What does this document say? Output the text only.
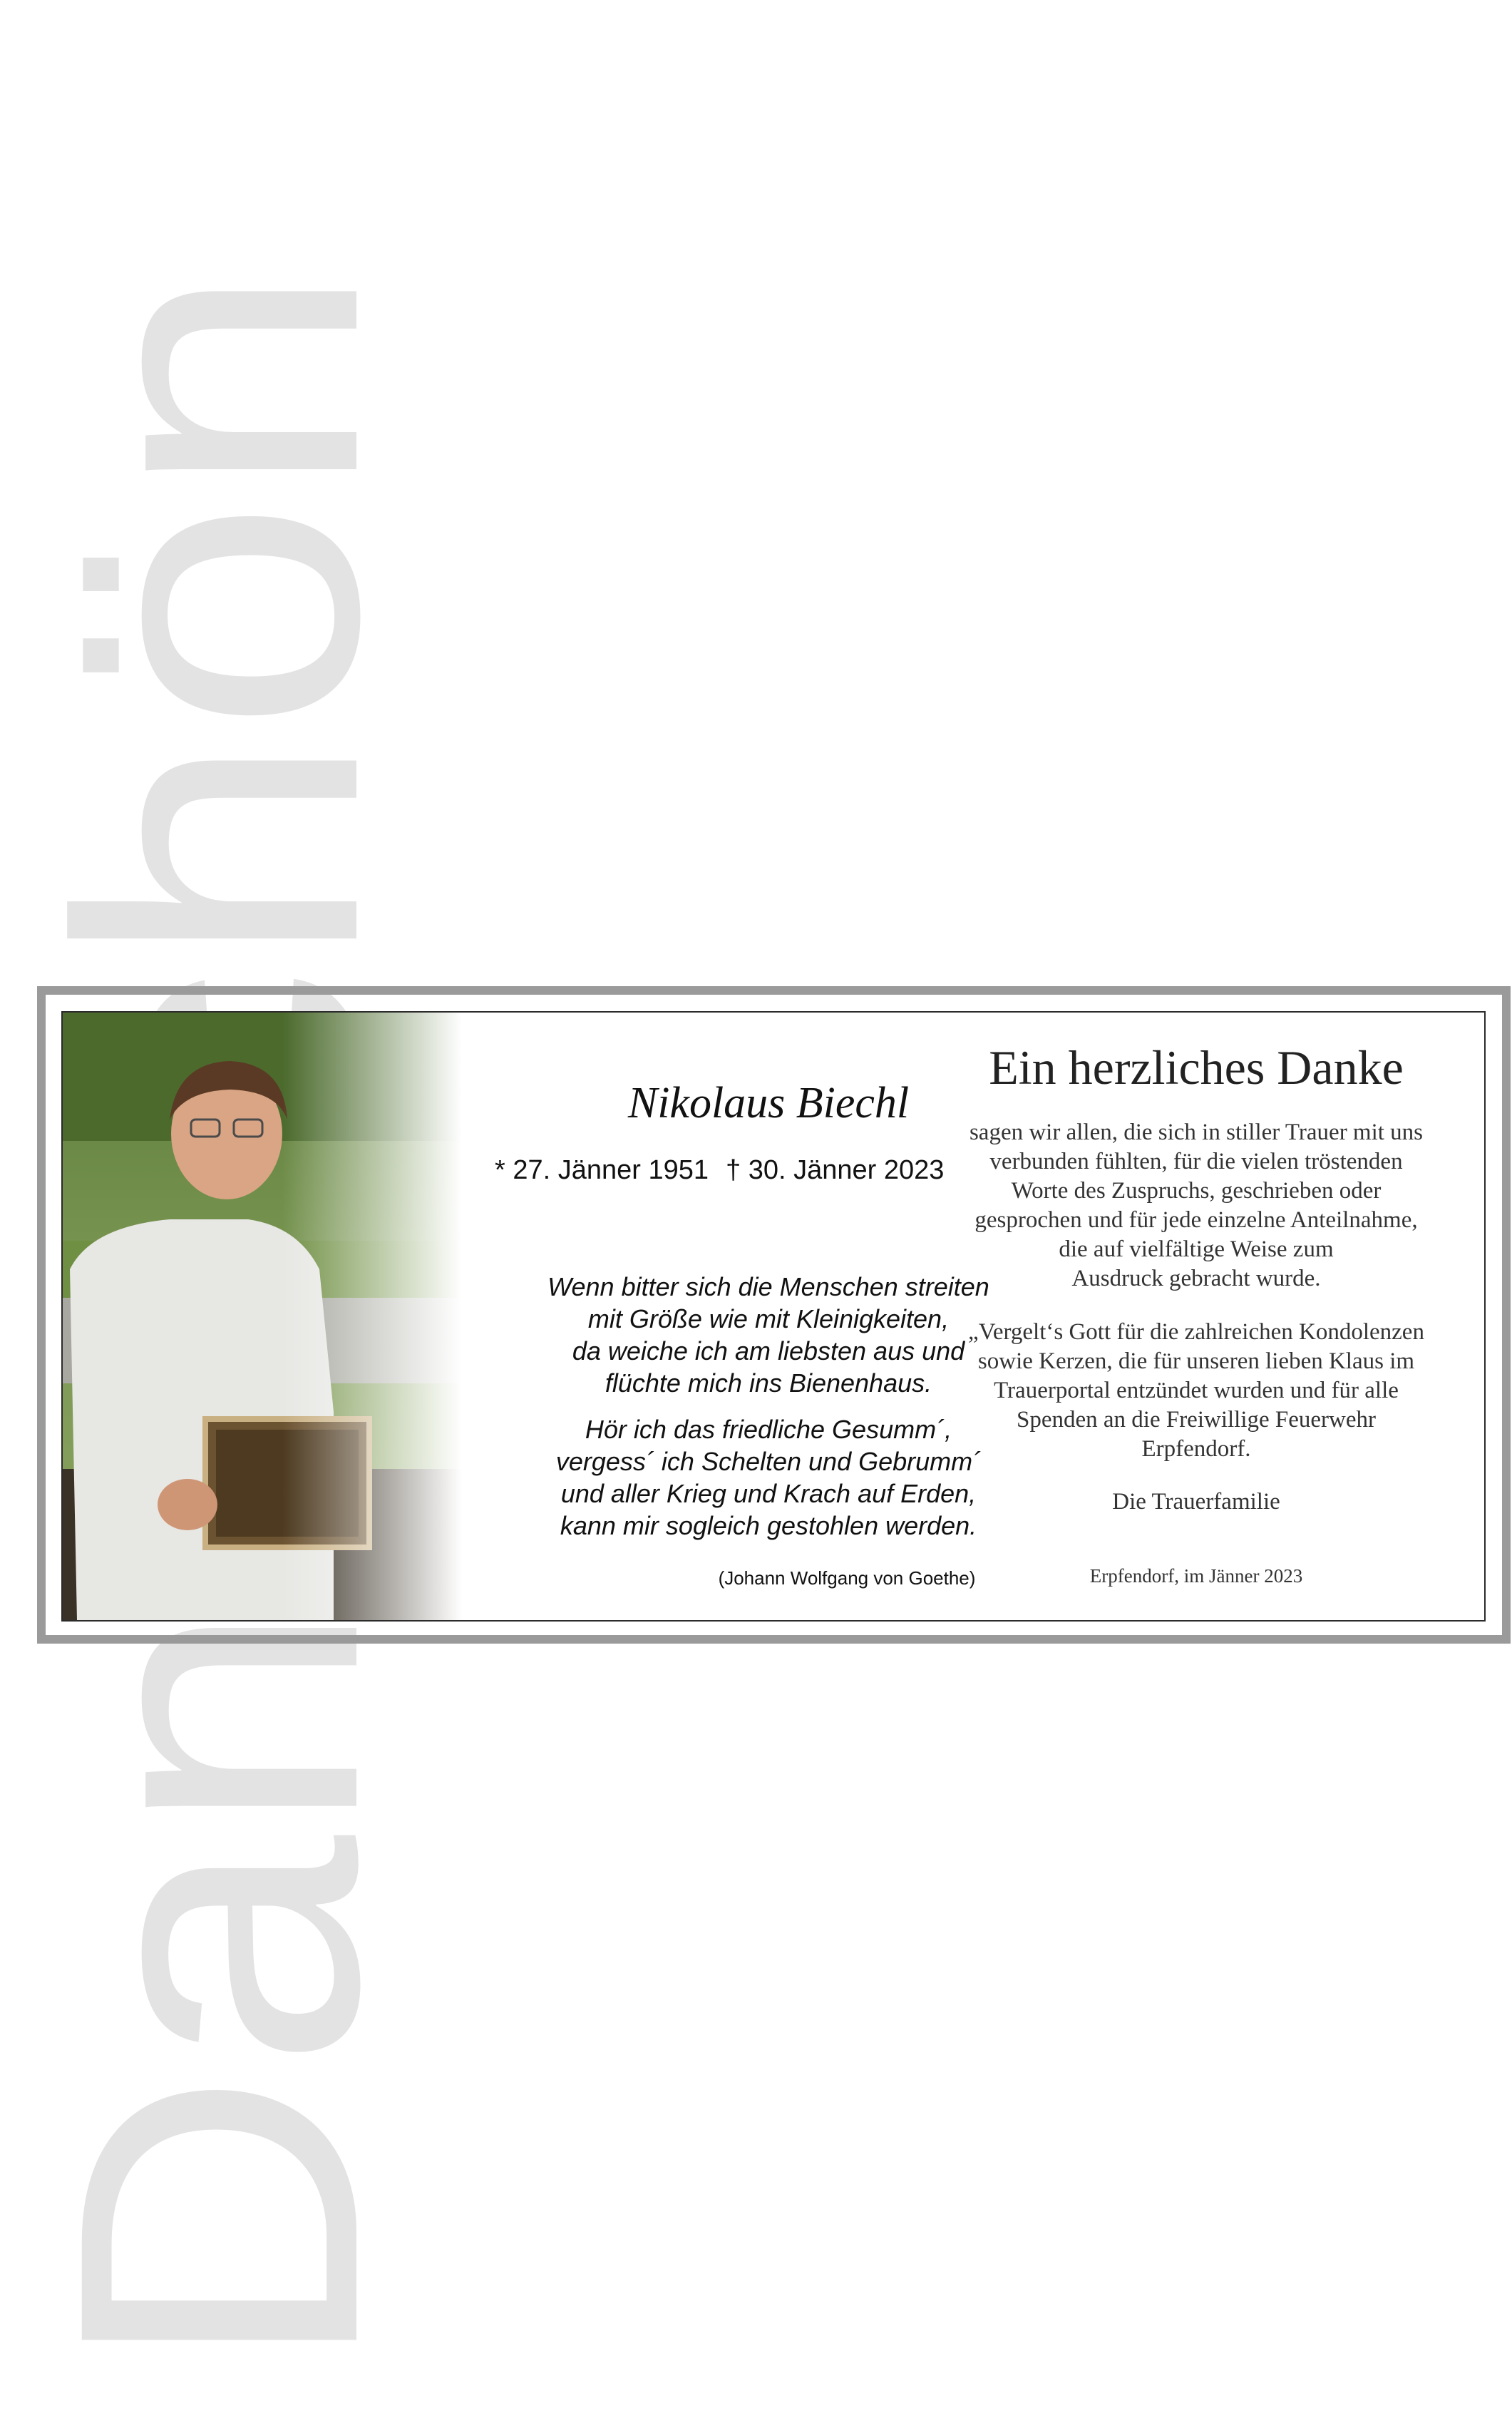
Nikolaus Biechl
* 27. Jänner 1951 † 30. Jänner 2023
Wenn bitter sich die Menschen streiten
mit Größe wie mit Kleinigkeiten,
da weiche ich am liebsten aus und
flüchte mich ins Bienenhaus.
Hör ich das friedliche Gesumm´,
vergess´ ich Schelten und Gebrumm´
und aller Krieg und Krach auf Erden,
kann mir sogleich gestohlen werden.
(Johann Wolfgang von Goethe)
Ein herzliches Danke
sagen wir allen, die sich in stiller Trauer mit uns
verbunden fühlten, für die vielen tröstenden
Worte des Zuspruchs, geschrieben oder
gesprochen und für jede einzelne Anteilnahme,
die auf vielfältige Weise zum
Ausdruck gebracht wurde.
„Vergelt‘s Gott für die zahlreichen Kondolenzen
sowie Kerzen, die für unseren lieben Klaus im
Trauerportal entzündet wurden und für alle
Spenden an die Freiwillige Feuerwehr
Erpfendorf.
Die Trauerfamilie
Erpfendorf, im Jänner 2023
